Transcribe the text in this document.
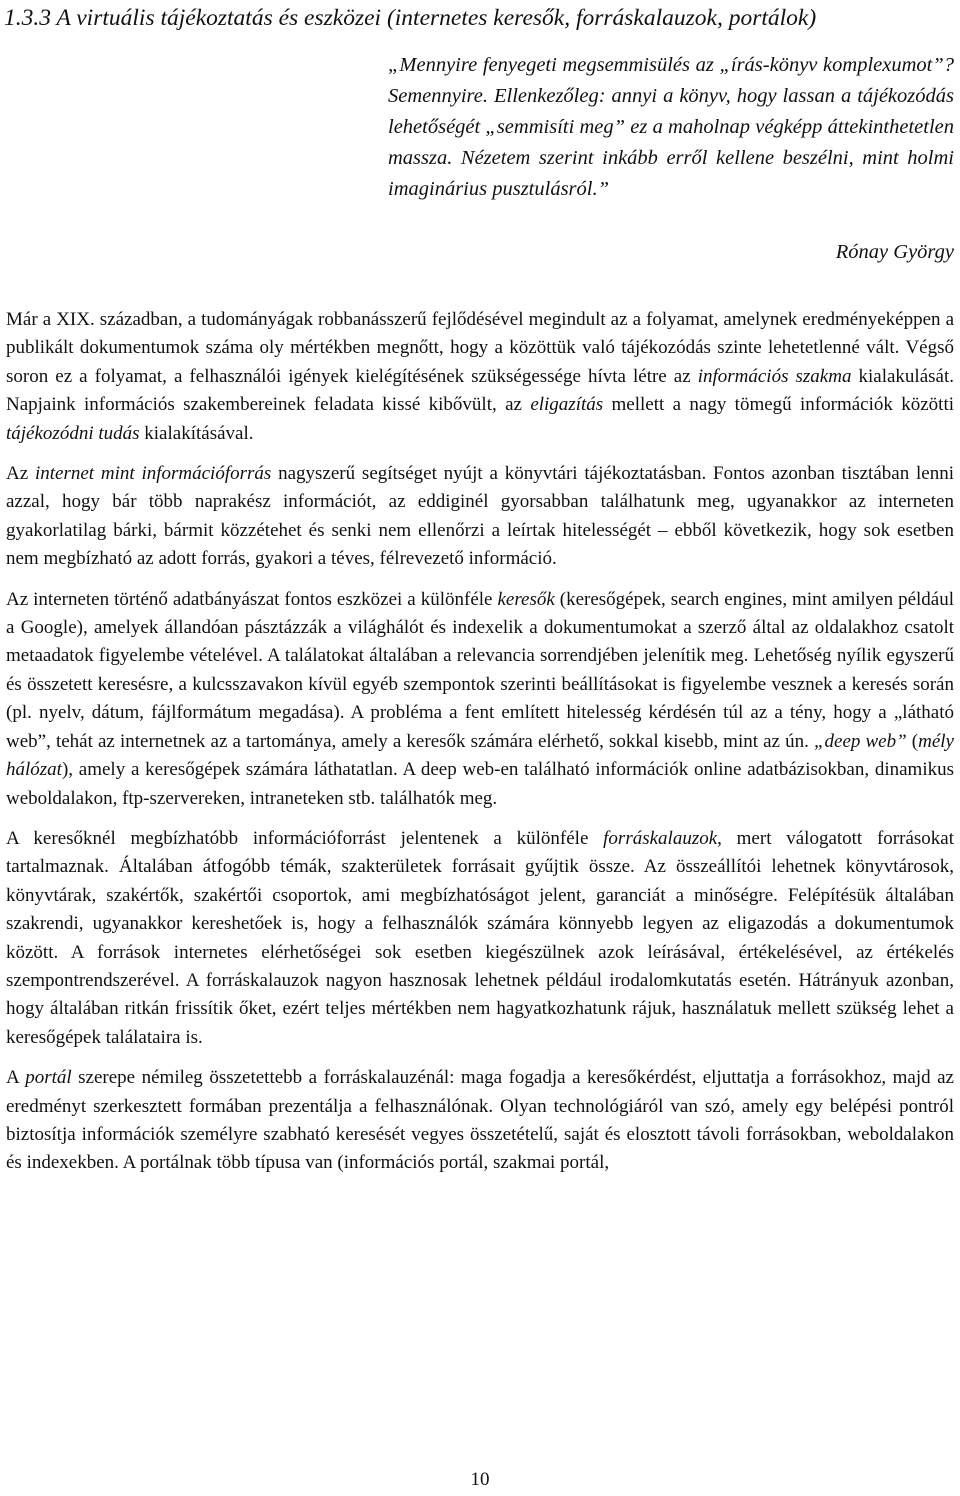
1.3.3 A virtuális tájékoztatás és eszközei (internetes keresők, forráskalauzok, portálok)
„Mennyire fenyegeti megsemmisülés az „írás-könyv komplexumot”? Semennyire. Ellenkezőleg: annyi a könyv, hogy lassan a tájékozódás lehetőségét „semmisíti meg” ez a maholnap végképp áttekinthetetlen massza. Nézetem szerint inkább erről kellene beszélni, mint holmi imaginárius pusztulásról.”
Rónay György

Már a XIX. században, a tudományágak robbanásszerű fejlődésével megindult az a folyamat, amelynek eredményeképpen a publikált dokumentumok száma oly mértékben megnőtt, hogy a közöttük való tájékozódás szinte lehetetlenné vált. Végső soron ez a folyamat, a felhasználói igények kielégítésének szükségessége hívta létre az információs szakma kialakulását. Napjaink információs szakembereinek feladata kissé kibővült, az eligazítás mellett a nagy tömegű információk közötti tájékozódni tudás kialakításával.

Az internet mint információforrás nagyszerű segítséget nyújt a könyvtári tájékoztatásban. Fontos azonban tisztában lenni azzal, hogy bár több naprakész információt, az eddiginél gyorsabban találhatunk meg, ugyanakkor az interneten gyakorlatilag bárki, bármit közzétehet és senki nem ellenőrzi a leírtak hitelességét – ebből következik, hogy sok esetben nem megbízható az adott forrás, gyakori a téves, félrevezető információ.

Az interneten történő adatbányászat fontos eszközei a különféle keresők (keresőgépek, search engines, mint amilyen például a Google), amelyek állandóan pásztázzák a világhálót és indexelik a dokumentumokat a szerző által az oldalakhoz csatolt metaadatok figyelembe vételével. A találatokat általában a relevancia sorrendjében jelenítik meg. Lehetőség nyílik egyszerű és összetett keresésre, a kulcsszavakon kívül egyéb szempontok szerinti beállításokat is figyelembe vesznek a keresés során (pl. nyelv, dátum, fájlformátum megadása). A probléma a fent említett hitelesség kérdésén túl az a tény, hogy a „látható web”, tehát az internetnek az a tartománya, amely a keresők számára elérhető, sokkal kisebb, mint az ún. „deep web” (mély hálózat), amely a keresőgépek számára láthatatlan. A deep web-en található információk online adatbázisokban, dinamikus weboldalakon, ftp-szervereken, intraneteken stb. találhatók meg.

A keresőknél megbízhatóbb információforrást jelentenek a különféle forráskalauzok, mert válogatott forrásokat tartalmaznak. Általában átfogóbb témák, szakterületek forrásait gyűjtik össze. Az összeállítói lehetnek könyvtárosok, könyvtárak, szakértők, szakértői csoportok, ami megbízhatóságot jelent, garanciát a minőségre. Felépítésük általában szakrendi, ugyanakkor kereshetőek is, hogy a felhasználók számára könnyebb legyen az eligazodás a dokumentumok között. A források internetes elérhetőségei sok esetben kiegészülnek azok leírásával, értékelésével, az értékelés szempontrendszerével. A forráskalauzok nagyon hasznosak lehetnek például irodalomkutatás esetén. Hátrányuk azonban, hogy általában ritkán frissítik őket, ezért teljes mértékben nem hagyatkozhatunk rájuk, használatuk mellett szükség lehet a keresőgépek találataira is.

A portál szerepe némileg összetettebb a forráskalauzénál: maga fogadja a keresőkérdést, eljuttatja a forrásokhoz, majd az eredményt szerkesztett formában prezentálja a felhasználónak. Olyan technológiáról van szó, amely egy belépési pontról biztosítja információk személyre szabható keresését vegyes összetételű, saját és elosztott távoli forrásokban, weboldalakon és indexekben. A portálnak több típusa van (információs portál, szakmai portál,

10
